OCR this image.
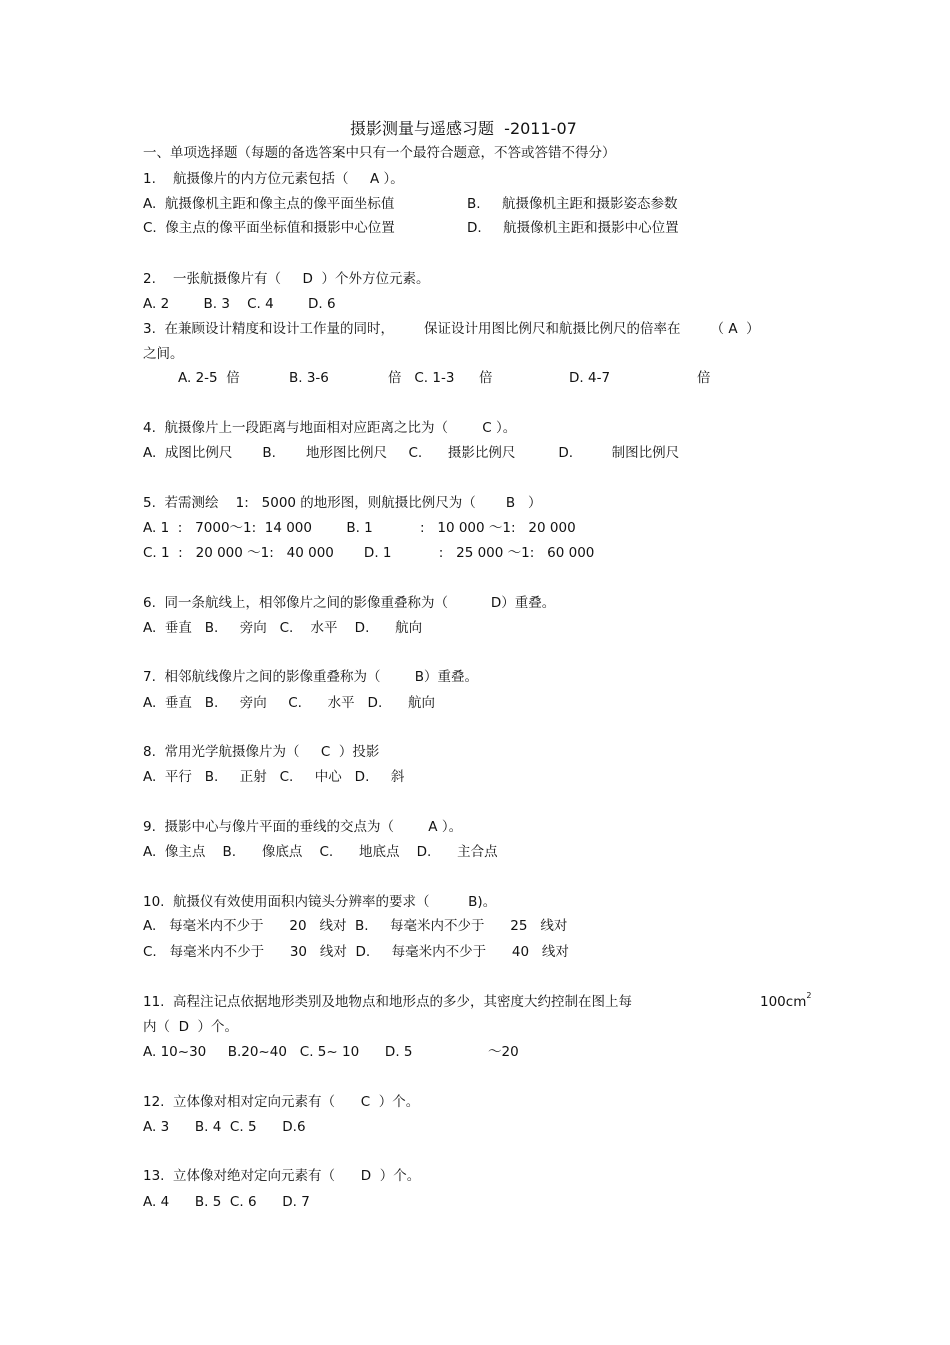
摄影测量与遥感习题  -2011-07
一、单项选择题（每题的备选答案中只有一个最符合题意，不答或答错不得分）
1.    航摄像片的内方位元素包括（     A ）。
A.  航摄像机主距和像主点的像平面坐标值	B.     航摄像机主距和摄影姿态参数
C.  像主点的像平面坐标值和摄影中心位置	D.     航摄像机主距和摄影中心位置
2.    一张航摄像片有（     D  ）个外方位元素。
A. 2        B. 3    C. 4        D. 6
3.  在兼顾设计精度和设计工作量的同时，       保证设计用图比例尺和航摄比例尺的倍率在       （ A  ）
之间。
A. 2-5  倍	B. 3-6	倍   C. 1-3 倍	D. 4-7	倍
4.  航摄像片上一段距离与地面相对应距离之比为（        C ）。
A.  成图比例尺       B.       地形图比例尺     C.      摄影比例尺          D.         制图比例尺
5.  若需测绘    1:   5000 的地形图，则航摄比例尺为（       B   ）
A. 1  :   7000～1:  14 000        B. 1           :   10 000 ～1:   20 000
C. 1  :   20 000 ～1:   40 000       D. 1           :   25 000 ～1:   60 000
6.  同一条航线上，相邻像片之间的影像重叠称为（          D）重叠。
A.  垂直   B.     旁向   C.    水平    D.      航向
7.  相邻航线像片之间的影像重叠称为（        B）重叠。
A.  垂直   B.     旁向     C.      水平   D.      航向
8.  常用光学航摄像片为（     C  ）投影
A.  平行   B.     正射   C.     中心   D.     斜
9.  摄影中心与像片平面的垂线的交点为（        A ）。
A.  像主点    B.      像底点    C.      地底点    D.      主合点
10.  航摄仪有效使用面积内镜头分辨率的要求（         B)。
A.   每毫米内不少于      20   线对  B.     每毫米内不少于      25   线对
C.   每毫米内不少于      30   线对  D.     每毫米内不少于      40   线对
11.  高程注记点依据地形类别及地物点和地形点的多少，其密度大约控制在图上每	$100cm^2$
内（  D  ）个。
A. 10~30     B.20~40   C. 5~ 10      D. 5	～20
12.  立体像对相对定向元素有（      C  ）个。
A. 3      B. 4  C. 5      D.6
13.  立体像对绝对定向元素有（      D  ）个。
A. 4      B. 5  C. 6      D. 7
